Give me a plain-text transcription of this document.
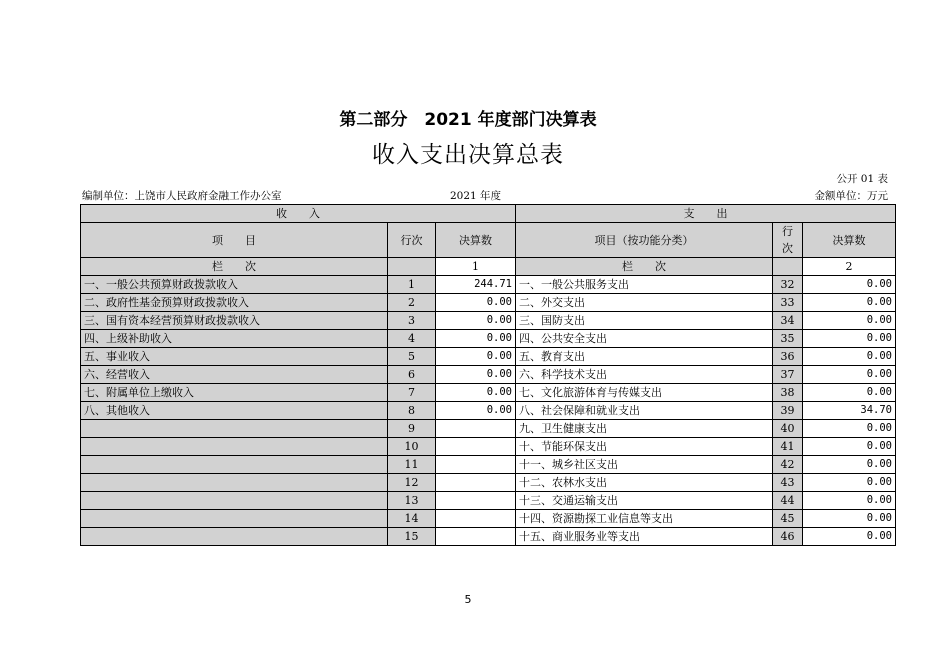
第二部分　2021 年度部门决算表
收入支出决算总表
公开 01 表
编制单位：上饶市人民政府金融工作办公室	2021 年度	金额单位：万元
收　　入			支　　出		
项　　目	行次	决算数	项目（按功能分类）	行次	决算数
栏　　次		1	栏　　次		2
一、一般公共预算财政拨款收入	1	244.71	一、一般公共服务支出	32	0.00
二、政府性基金预算财政拨款收入	2	0.00	二、外交支出	33	0.00
三、国有资本经营预算财政拨款收入	3	0.00	三、国防支出	34	0.00
四、上级补助收入	4	0.00	四、公共安全支出	35	0.00
五、事业收入	5	0.00	五、教育支出	36	0.00
六、经营收入	6	0.00	六、科学技术支出	37	0.00
七、附属单位上缴收入	7	0.00	七、文化旅游体育与传媒支出	38	0.00
八、其他收入	8	0.00	八、社会保障和就业支出	39	34.70
	9		九、卫生健康支出	40	0.00
	10		十、节能环保支出	41	0.00
	11		十一、城乡社区支出	42	0.00
	12		十二、农林水支出	43	0.00
	13		十三、交通运输支出	44	0.00
	14		十四、资源勘探工业信息等支出	45	0.00
	15		十五、商业服务业等支出	46	0.00
5
